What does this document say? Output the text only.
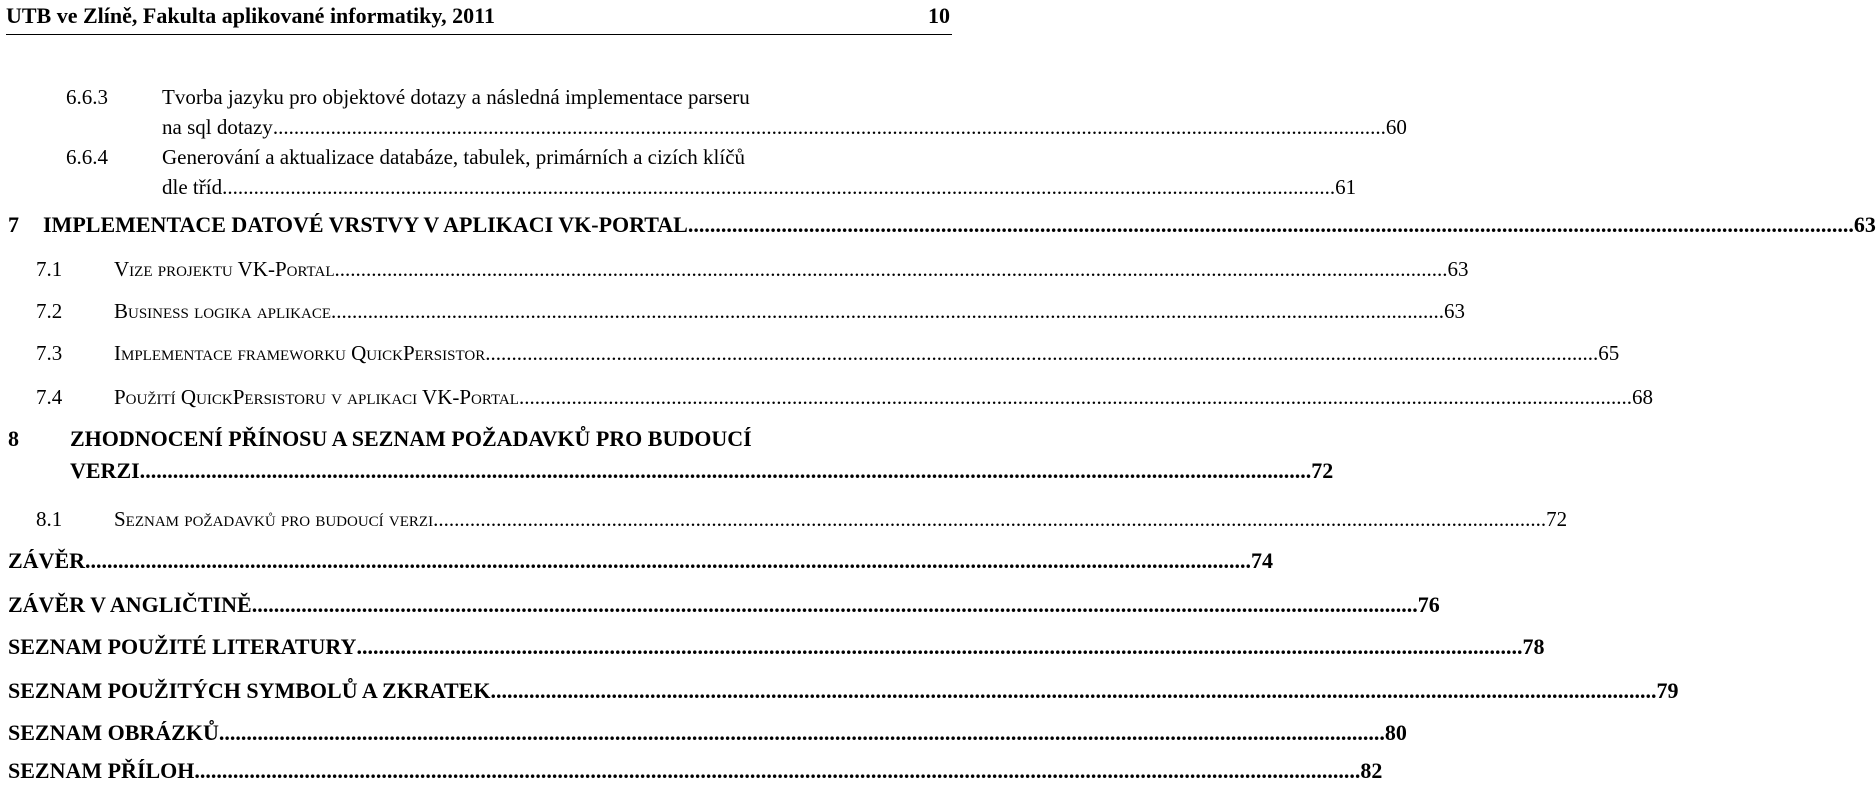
UTB ve Zlíně, Fakulta aplikované informatiky, 2011	10
6.6.3	Tvorba jazyku pro objektové dotazy a následná implementace parseru
na sql dotazy .................................................................................................................................................................................................................... 60
6.6.4	Generování a aktualizace databáze, tabulek, primárních a cizích klíčů
dle tříd .................................................................................................................................................................................................................... 61
7	IMPLEMENTACE DATOVÉ VRSTVY V APLIKACI VK-PORTAL .................................................................................................................................................................................................................... 63
7.1	Vize projektu VK-Portal .................................................................................................................................................................................................................... 63
7.2	Business logika aplikace .................................................................................................................................................................................................................... 63
7.3	Implementace frameworku QuickPersistor .................................................................................................................................................................................................................... 65
7.4	Použití QuickPersistoru v aplikaci VK-Portal .................................................................................................................................................................................................................... 68
8 ZHODNOCENÍ PŘÍNOSU A SEZNAM POŽADAVKŮ PRO BUDOUCÍ
VERZI. .................................................................................................................................................................................................................... 72
8.1	Seznam požadavků pro budoucí verzi .................................................................................................................................................................................................................... 72
ZÁVĚR .................................................................................................................................................................................................................... 74
ZÁVĚR V ANGLIČTINĚ .................................................................................................................................................................................................................... 76
SEZNAM POUŽITÉ LITERATURY .................................................................................................................................................................................................................... 78
SEZNAM POUŽITÝCH SYMBOLŮ A ZKRATEK .................................................................................................................................................................................................................... 79
SEZNAM OBRÁZKŮ .................................................................................................................................................................................................................... 80
SEZNAM PŘÍLOH .................................................................................................................................................................................................................... 82
